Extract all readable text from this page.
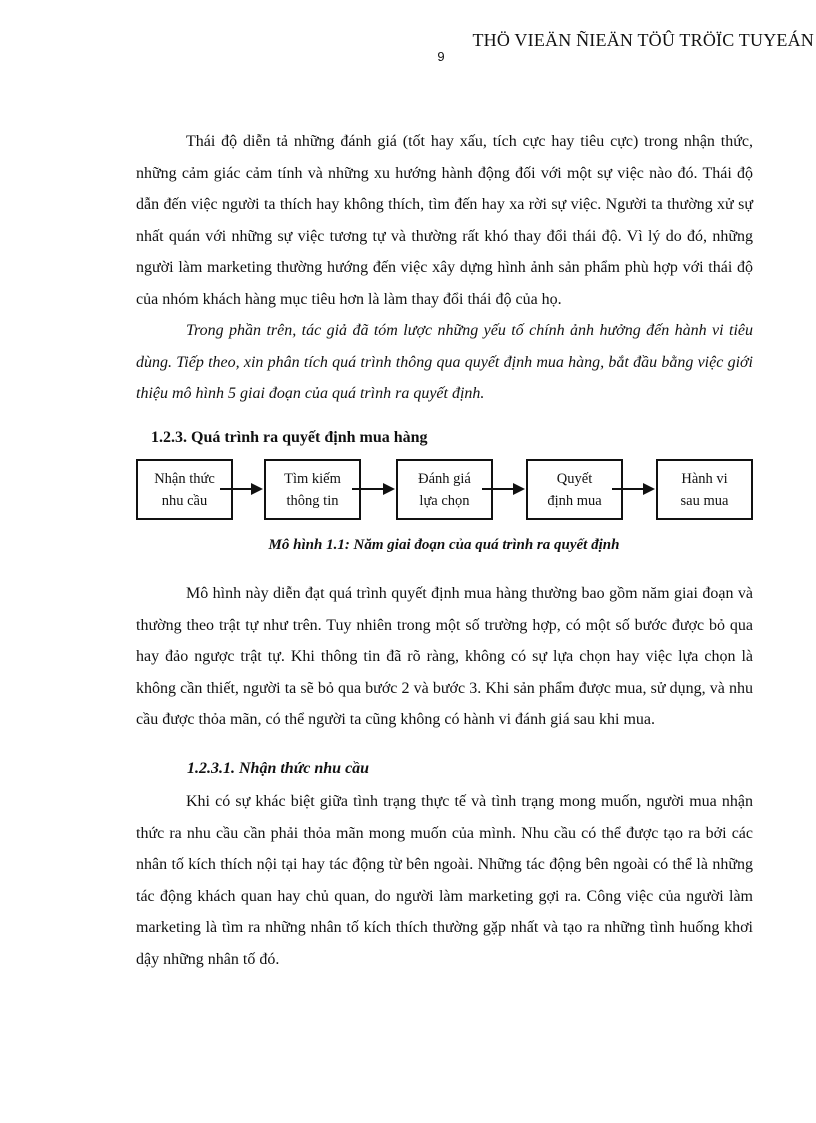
THÖ VIEÄN ÑIEÄN TÖÛ TRÖÏC TUYEÁN
9

Thái độ diễn tả những đánh giá (tốt hay xấu, tích cực hay tiêu cực) trong nhận thức, những cảm giác cảm tính và những xu hướng hành động đối với một sự việc nào đó. Thái độ dẫn đến việc người ta thích hay không thích, tìm đến hay xa rời sự việc. Người ta thường xử sự nhất quán với những sự việc tương tự và thường rất khó thay đổi thái độ. Vì lý do đó, những người làm marketing thường hướng đến việc xây dựng hình ảnh sản phẩm phù hợp với thái độ của nhóm khách hàng mục tiêu hơn là làm thay đổi thái độ của họ.

Trong phần trên, tác giả đã tóm lược những yếu tố chính ảnh hưởng đến hành vi tiêu dùng. Tiếp theo, xin phân tích quá trình thông qua quyết định mua hàng, bắt đầu bằng việc giới thiệu mô hình 5 giai đoạn của quá trình ra quyết định.

1.2.3. Quá trình ra quyết định mua hàng
Nhận thức
nhu cầu
Tìm kiếm
thông tin
Đánh giá
lựa chọn
Quyết
định mua
Hành vi
sau mua
Mô hình 1.1: Năm giai đoạn của quá trình ra quyết định

Mô hình này diễn đạt quá trình quyết định mua hàng thường bao gồm năm giai đoạn và thường theo trật tự như trên. Tuy nhiên trong một số trường hợp, có một số bước được bỏ qua hay đảo ngược trật tự. Khi thông tin đã rõ ràng, không có sự lựa chọn hay việc lựa chọn là không cần thiết, người ta sẽ bỏ qua bước 2 và bước 3. Khi sản phẩm được mua, sử dụng, và nhu cầu được thỏa mãn, có thể người ta cũng không có hành vi đánh giá sau khi mua.

1.2.3.1. Nhận thức nhu cầu

Khi có sự khác biệt giữa tình trạng thực tế và tình trạng mong muốn, người mua nhận thức ra nhu cầu cần phải thỏa mãn mong muốn của mình. Nhu cầu có thể được tạo ra bởi các nhân tố kích thích nội tại hay tác động từ bên ngoài. Những tác động bên ngoài có thể là những tác động khách quan hay chủ quan, do người làm marketing gợi ra. Công việc của người làm marketing là tìm ra những nhân tố kích thích thường gặp nhất và tạo ra những tình huống khơi dậy những nhân tố đó.
